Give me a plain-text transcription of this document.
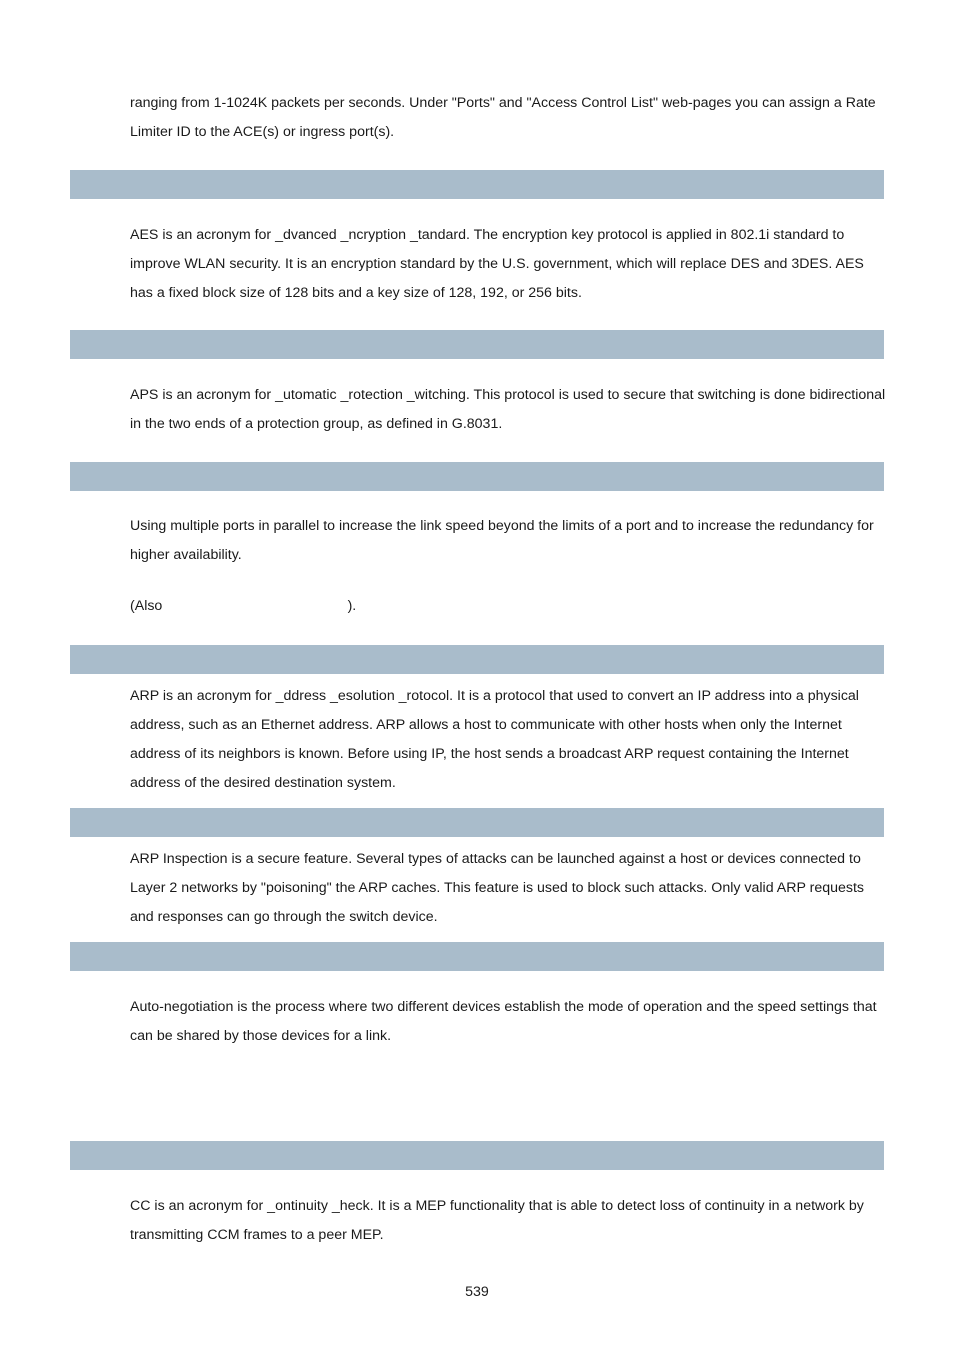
ranging from 1-1024K packets per seconds. Under "Ports" and "Access Control List" web-pages you can assign a Rate Limiter ID to the ACE(s) or ingress port(s).

AES is an acronym for _dvanced _ncryption _tandard. The encryption key protocol is applied in 802.1i standard to improve WLAN security. It is an encryption standard by the U.S. government, which will replace DES and 3DES. AES has a fixed block size of 128 bits and a key size of 128, 192, or 256 bits.

APS is an acronym for _utomatic _rotection _witching. This protocol is used to secure that switching is done bidirectional in the two ends of a protection group, as defined in G.8031.

Using multiple ports in parallel to increase the link speed beyond the limits of a port and to increase the redundancy for higher availability.

(Also                                               ).

ARP is an acronym for _ddress _esolution _rotocol. It is a protocol that used to convert an IP address into a physical address, such as an Ethernet address. ARP allows a host to communicate with other hosts when only the Internet address of its neighbors is known. Before using IP, the host sends a broadcast ARP request containing the Internet address of the desired destination system.

ARP Inspection is a secure feature. Several types of attacks can be launched against a host or devices connected to Layer 2 networks by "poisoning" the ARP caches. This feature is used to block such attacks. Only valid ARP requests and responses can go through the switch device.

Auto-negotiation is the process where two different devices establish the mode of operation and the speed settings that can be shared by those devices for a link.

CC is an acronym for _ontinuity _heck. It is a MEP functionality that is able to detect loss of continuity in a network by transmitting CCM frames to a peer MEP.

539
